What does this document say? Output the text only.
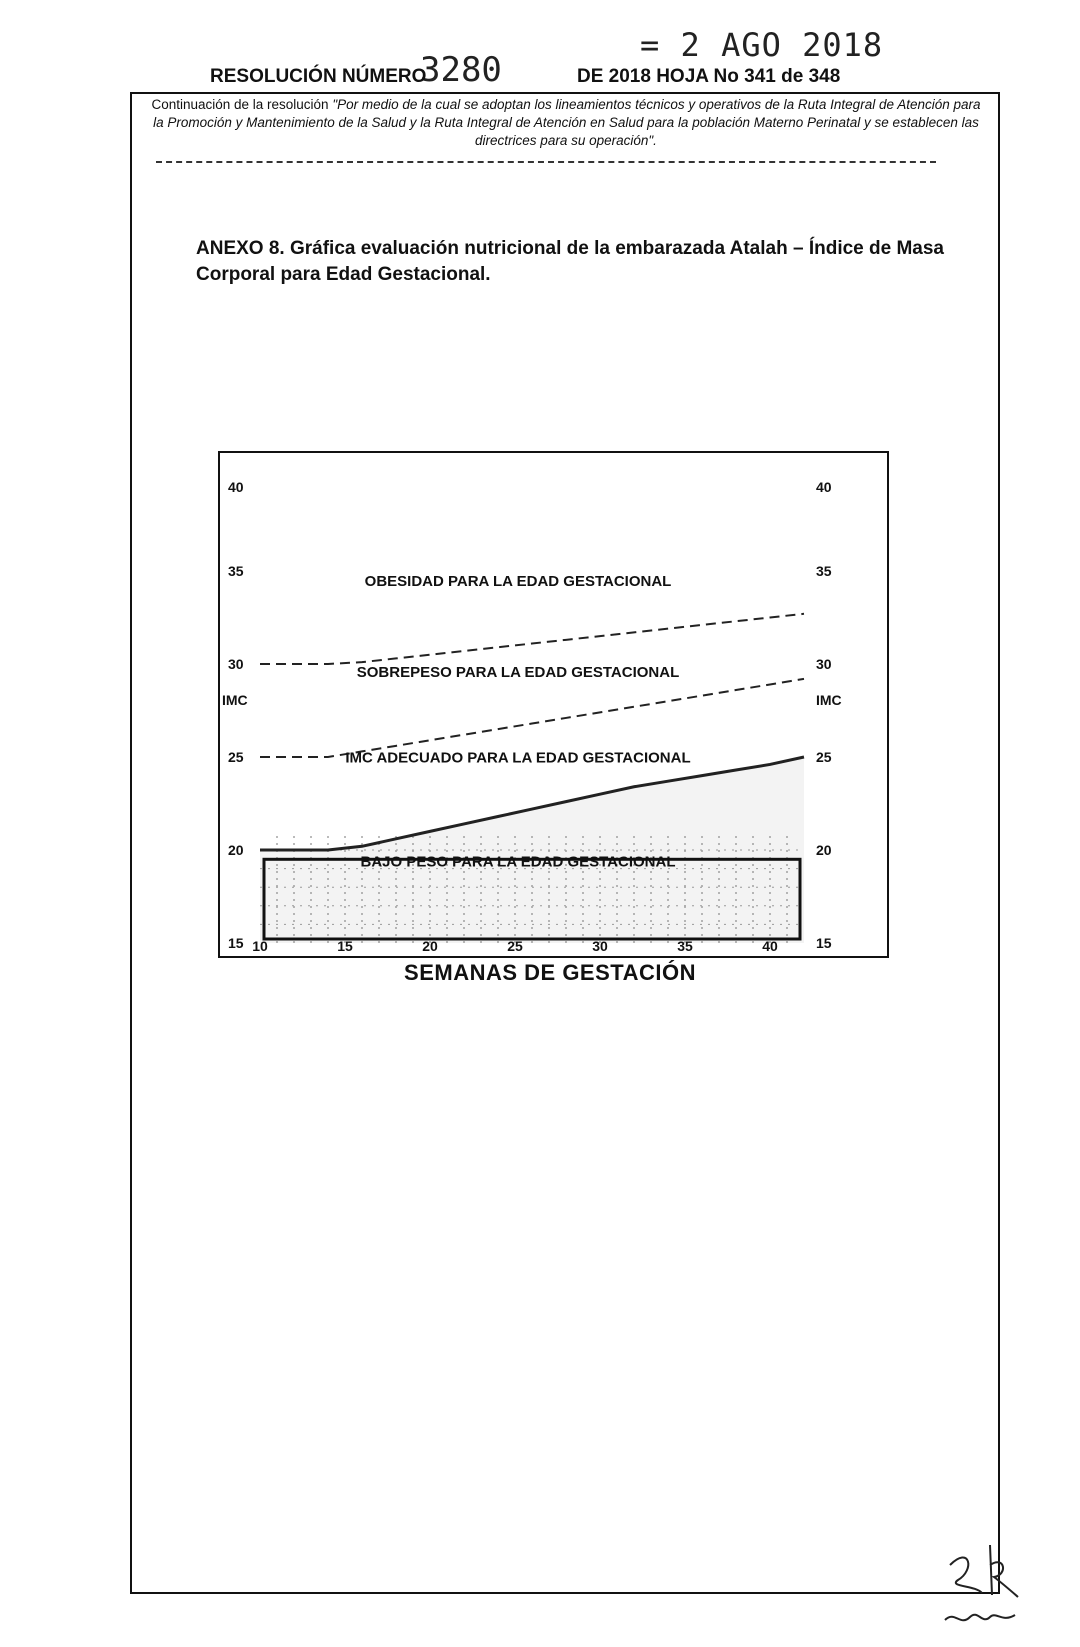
= 2 AGO 2018
3280
RESOLUCIÓN NÚMERO	DE 2018 HOJA No 341 de 348
Continuación de la resolución "Por medio de la cual se adoptan los lineamientos técnicos y operativos de la Ruta Integral de Atención para la Promoción y Mantenimiento de la Salud y la Ruta Integral de Atención en Salud para la población Materno Perinatal y se establecen las directrices para su operación".
ANEXO 8. Gráfica evaluación nutricional de la embarazada Atalah – Índice de Masa Corporal para Edad Gestacional.
OBESIDAD PARA LA EDAD GESTACIONAL
SOBREPESO PARA LA EDAD GESTACIONAL
IMC ADECUADO PARA LA EDAD GESTACIONAL
BAJO PESO PARA LA EDAD GESTACIONAL
15	15
20	20
25	25
30	30
35	35
40	40
IMC	IMC
10	15	20	25	30	35	40
SEMANAS DE GESTACIÓN
